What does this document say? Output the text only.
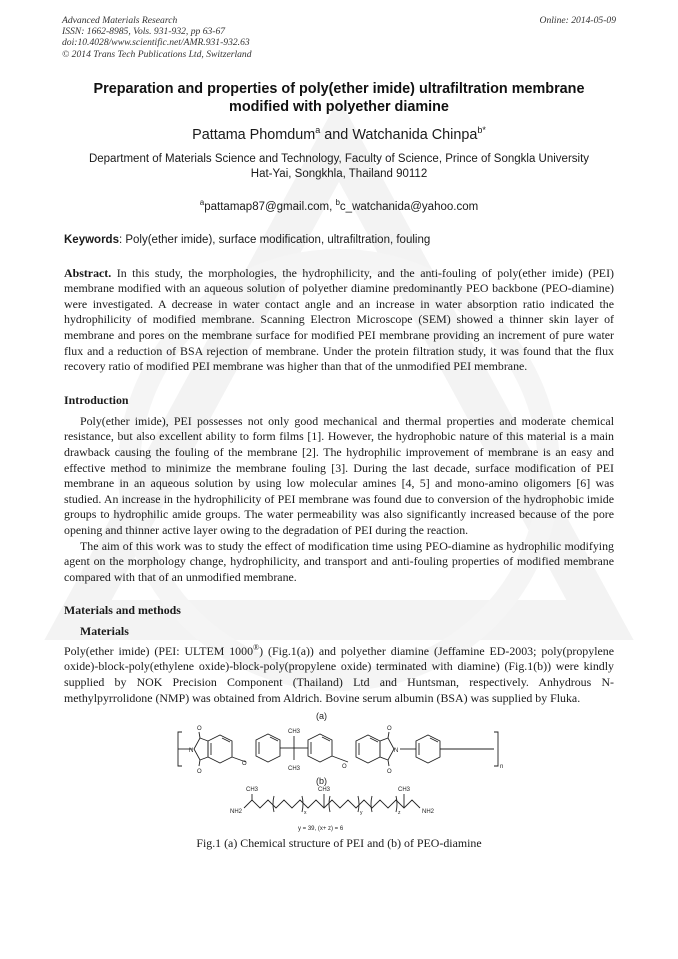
Advanced Materials Research
ISSN: 1662-8985, Vols. 931-932, pp 63-67
doi:10.4028/www.scientific.net/AMR.931-932.63
© 2014 Trans Tech Publications Ltd, Switzerland
Online: 2014-05-09
Preparation and properties of poly(ether imide) ultrafiltration membrane
modified with polyether diamine
Pattama Phomdum$^a$ and Watchanida Chinpa$^{b*}$
Department of Materials Science and Technology, Faculty of Science, Prince of Songkla University
Hat-Yai, Songkhla, Thailand 90112
$^a$pattamap87@gmail.com, $^b$c_watchanida@yahoo.com
Keywords: Poly(ether imide), surface modification, ultrafiltration, fouling

Abstract. In this study, the morphologies, the hydrophilicity, and the anti-fouling of poly(ether imide) (PEI) membrane modified with an aqueous solution of polyether diamine predominantly PEO backbone (PEO-diamine) were investigated. A decrease in water contact angle and an increase in water absorption ratio indicated the hydrophilicity of modified membrane. Scanning Electron Microscope (SEM) showed a thinner skin layer of membrane and pores on the membrane surface for modified PEI membrane providing an increment of pure water flux and a reduction of BSA rejection of membrane. Under the protein filtration study, it was found that the flux recovery ratio of modified PEI membrane was higher than that of the unmodified PEI membrane.

Introduction

Poly(ether imide), PEI possesses not only good mechanical and thermal properties and moderate chemical resistance, but also excellent ability to form films [1]. However, the hydrophobic nature of this material is a main drawback causing the fouling of the membrane [2]. The hydrophilic improvement of membrane is an easy and effective method to minimize the membrane fouling [3]. During the last decade, surface modification of PEI membrane in an aqueous solution by using low molecular amines [4, 5] and mono-amino oligomers [6] was studied. An increase in the hydrophilicity of PEI membrane was found due to conversion of the hydrophobic imide groups to hydrophilic amide groups. The water permeability was also significantly increased because of the pore opening and thinner active layer owing to the degradation of PEI during the reaction.

The aim of this work was to study the effect of modification time using PEO-diamine as hydrophilic modifying agent on the morphology change, hydrophilicity, and transport and anti-fouling properties of modified membrane compared with that of an unmodified membrane.

Materials and methods
Materials

Poly(ether imide) (PEI: ULTEM 1000®) (Fig.1(a)) and polyether diamine (Jeffamine ED-2003; poly(propylene oxide)-block-poly(ethylene oxide)-block-poly(propylene oxide) terminated with diamine) (Fig.1(b)) were kindly supplied by NOK Precision Component (Thailand) Ltd and Huntsman, respectively. Anhydrous N-methylpyrrolidone (NMP) was obtained from Aldrich. Bovine serum albumin (BSA) was supplied by Fluka.

(a)
n
N
O
O
O
CH3
CH3	O
O
O
N
(b)
NH2
CH3	CH3	CH3
x	y	z	NH2
y = 39, (x+ z) = 6

Fig.1 (a) Chemical structure of PEI and (b) of PEO-diamine
